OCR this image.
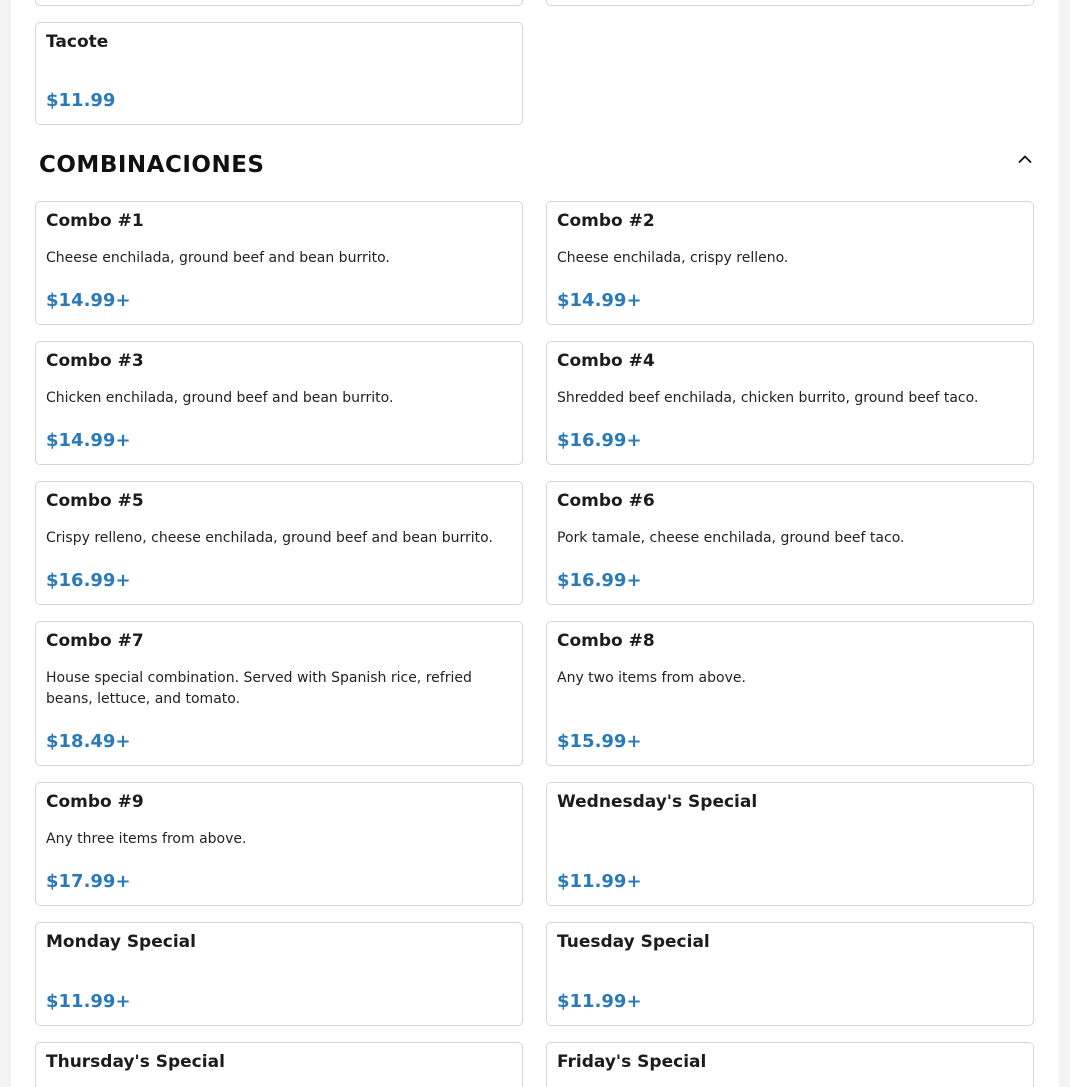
Tacote
$11.99
COMBINACIONES
Combo #1
Cheese enchilada, ground beef and bean burrito.
$14.99+
Combo #2
Cheese enchilada, crispy relleno.
$14.99+
Combo #3
Chicken enchilada, ground beef and bean burrito.
$14.99+
Combo #4
Shredded beef enchilada, chicken burrito, ground beef taco.
$16.99+
Combo #5
Crispy relleno, cheese enchilada, ground beef and bean burrito.
$16.99+
Combo #6
Pork tamale, cheese enchilada, ground beef taco.
$16.99+
Combo #7
House special combination. Served with Spanish rice, refried beans, lettuce, and tomato.
$18.49+
Combo #8
Any two items from above.
$15.99+
Combo #9
Any three items from above.
$17.99+
Wednesday's Special
$11.99+
Monday Special
$11.99+
Tuesday Special
$11.99+
Thursday's Special	Friday's Special
